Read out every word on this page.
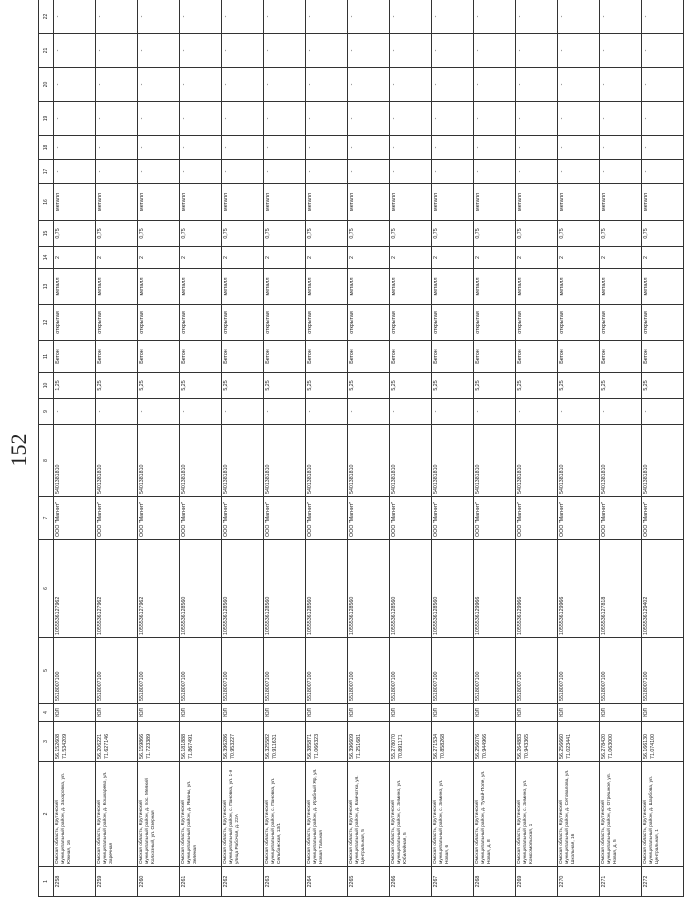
152
1	2	3	4	5	6	7	8	9	10	11	12	13	14	15	16	17	18	19	20	21	22	
2258	Омская область, Крутинский муниципальный район, д. Захаровка, ул. Южная, 16	56.152608 71.534209	ЮЛ	5518007100	1055536127962	ООО "Магнит"	5401381810	-	1,25	Бетон	открытая	металл	2	0,75	металл	-	-	-	-	-	-	
2259	Омская область, Крутинский муниципальный район, д. Кошкарево, ул. Заречная	56.206221 71.627146	ЮЛ	5518007100	1055536127962	ООО "Магнит"	5401381810	-	5,25	Бетон	открытая	металл	2	0,75	металл	-	-	-	-	-	-	
2260	Омская область, Крутинский муниципальный район, д. пос. Мелкий Колхозный, ул. Озерная	56.159866 71.723389	ЮЛ	5518007100	1055536127962	ООО "Магнит"	5401381810	-	5,25	Бетон	открытая	металл	2	0,75	металл	-	-	-	-	-	-	
2261	Омская область, Крутинский муниципальный район, д. Яманы, ул. Зеленая	56.181888 71.867491	ЮЛ	5518007100	1055536128560	ООО "Магнит"	5401381810	-	5,25	Бетон	открытая	металл	2	0,75	металл	-	-	-	-	-	-	
2262	Омская область, Крутинский муниципальный район, с. Пановка, ул. 1-я улица Рабочая, д. 22А	56.396286 70.953227	ЮЛ	5518007100	1055536128560	ООО "Магнит"	5401381810	-	5,25	Бетон	открытая	металл	2	0,75	металл	-	-	-	-	-	-	
2263	Омская область, Крутинский муниципальный район, с. Пановка, ул. Сельбанская, 13/1	56.325582 70.911631	ЮЛ	5518007100	1055536128560	ООО "Магнит"	5401381810	-	5,25	Бетон	открытая	металл	2	0,75	металл	-	-	-	-	-	-	
2264	Омская область, Крутинский муниципальный район, д. Ирабный Яр, ул. Новая Тальная	56.385871 71.066323	ЮЛ	5518007100	1055536128560	ООО "Магнит"	5401381810	-	5,25	Бетон	открытая	металл	2	0,75	металл	-	-	-	-	-	-	
2265	Омская область, Крутинский муниципальный район, д. Камчатка, ул. Центральная, 5	56.396609 71.251681	ЮЛ	5518007100	1055536128560	ООО "Магнит"	5401381810	-	5,25	Бетон	открытая	металл	2	0,75	металл	-	-	-	-	-	-	
2266	Омская область, Крутинский муниципальный район, с. Зимино, ул. Юбилейная, 5	55.278070 70.891171	ЮЛ	5518007100	1055536128560	ООО "Магнит"	5401381810	-	5,25	Бетон	открытая	металл	2	0,75	металл	-	-	-	-	-	-	
2267	Омская область, Крутинский муниципальный район, с. Зимино, ул. Новая, 6	56.271534 70.858268	ЮЛ	5518007100	1055536128560	ООО "Магнит"	5401381810	-	5,25	Бетон	открытая	металл	2	0,75	металл	-	-	-	-	-	-	
2268	Омская область, Крутинский муниципальный район, д. Тукай-Поле, ул. Новая, д. 8	56.256076 70.944966	ЮЛ	5518007100	1055536129966	ООО "Магнит"	5401381810	-	5,25	Бетон	открытая	металл	2	0,75	металл	-	-	-	-	-	-	
2269	Омская область, Крутинский муниципальный район, с. Зимино, ул. Комсомольская, 1	56.264883 70.943365	ЮЛ	5518007100	1055536129966	ООО "Магнит"	5401381810	-	5,25	Бетон	открытая	металл	2	0,75	металл	-	-	-	-	-	-	
2270	Омская область, Крутинский муниципальный район, д. Сетовалова, ул. Школьная, 16	56.256660 71.023441	ЮЛ	5518007100	1055536129966	ООО "Магнит"	5401381810	-	5,25	Бетон	открытая	металл	2	0,75	металл	-	-	-	-	-	-	
2271	Омская область, Крутинский муниципальный район, д. Отрешное, ул. Новая, д. 5	56.278420 71.063000	ЮЛ	5518007100	1055536127818	ООО "Магнит"	5401381810	-	5,25	Бетон	открытая	металл	2	0,75	металл	-	-	-	-	-	-	
2272	Омская область, Крутинский муниципальный район, д. Шарбова, ул. Центральная, 1	56.166130 71.074100	ЮЛ	5518007100	1055536129402	ООО "Магнит"	5401381810	-	5,25	Бетон	открытая	металл	2	0,75	металл	-	-	-	-	-	-	
